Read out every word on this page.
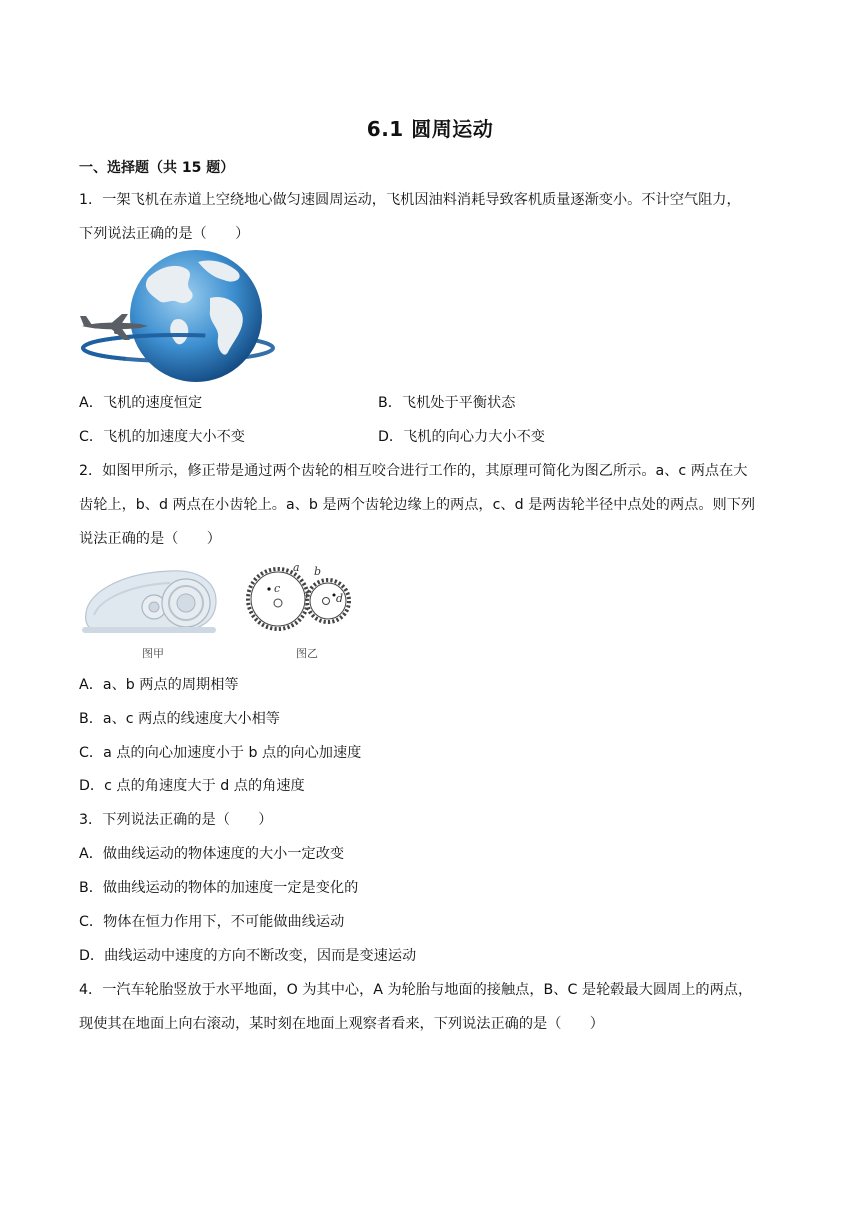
6.1 圆周运动
一、选择题（共 15 题）
1．一架飞机在赤道上空绕地心做匀速圆周运动，飞机因油料消耗导致客机质量逐渐变小。不计空气阻力，
下列说法正确的是（　　）
A．飞机的速度恒定	B．飞机处于平衡状态
C．飞机的加速度大小不变	D．飞机的向心力大小不变
2．如图甲所示，修正带是通过两个齿轮的相互咬合进行工作的，其原理可简化为图乙所示。a、c 两点在大
齿轮上，b、d 两点在小齿轮上。a、b 是两个齿轮边缘上的两点，c、d 是两齿轮半径中点处的两点。则下列
说法正确的是（　　）
图甲
a b
c
d
图乙
A．a、b 两点的周期相等
B．a、c 两点的线速度大小相等
C．a 点的向心加速度小于 b 点的向心加速度
D．c 点的角速度大于 d 点的角速度
3．下列说法正确的是（　　）
A．做曲线运动的物体速度的大小一定改变
B．做曲线运动的物体的加速度一定是变化的
C．物体在恒力作用下，不可能做曲线运动
D．曲线运动中速度的方向不断改变，因而是变速运动
4．一汽车轮胎竖放于水平地面，O 为其中心，A 为轮胎与地面的接触点，B、C 是轮毂最大圆周上的两点，
现使其在地面上向右滚动，某时刻在地面上观察者看来，下列说法正确的是（　　）
